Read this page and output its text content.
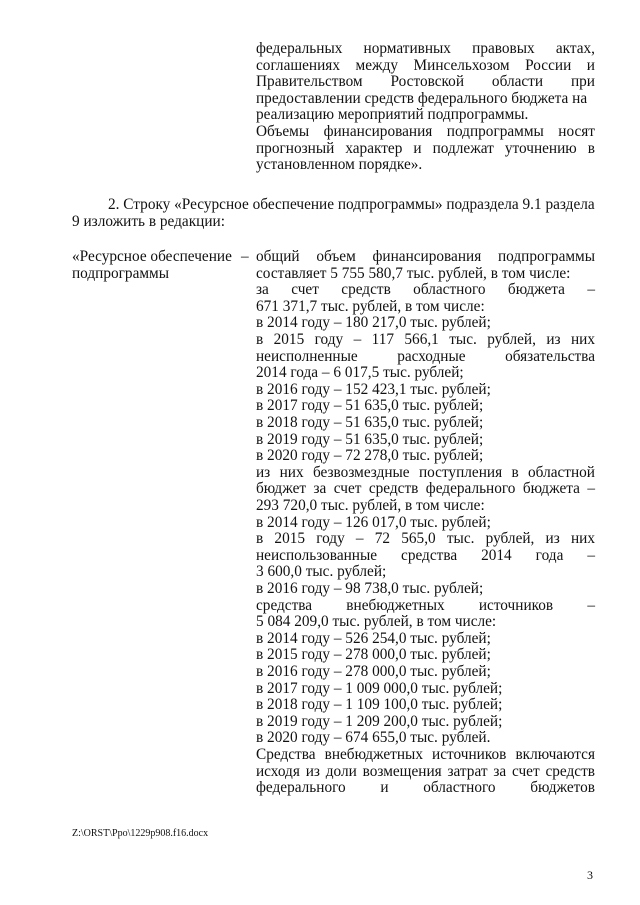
федеральных нормативных правовых актах,
соглашениях между Минсельхозом России и
Правительством Ростовской области при
предоставлении средств федерального бюджета на
реализацию мероприятий подпрограммы.
Объемы финансирования подпрограммы носят
прогнозный характер и подлежат уточнению в
установленном порядке».
2. Строку «Ресурсное обеспечение подпрограммы» подраздела 9.1 раздела
9 изложить в редакции:
«Ресурсное обеспечение
подпрограммы
– общий объем финансирования подпрограммы
составляет 5 755 580,7 тыс. рублей, в том числе:
за счет средств областного бюджета –
671 371,7 тыс. рублей, в том числе:
в 2014 году – 180 217,0 тыс. рублей;
в 2015 году – 117 566,1 тыс. рублей, из них
неисполненные расходные обязательства
2014 года – 6 017,5 тыс. рублей;
в 2016 году – 152 423,1 тыс. рублей;
в 2017 году – 51 635,0 тыс. рублей;
в 2018 году – 51 635,0 тыс. рублей;
в 2019 году – 51 635,0 тыс. рублей;
в 2020 году – 72 278,0 тыс. рублей;
из них безвозмездные поступления в областной
бюджет за счет средств федерального бюджета –
293 720,0 тыс. рублей, в том числе:
в 2014 году – 126 017,0 тыс. рублей;
в 2015 году – 72 565,0 тыс. рублей, из них
неиспользованные средства 2014 года –
3 600,0 тыс. рублей;
в 2016 году – 98 738,0 тыс. рублей;
средства внебюджетных источников –
5 084 209,0 тыс. рублей, в том числе:
в 2014 году – 526 254,0 тыс. рублей;
в 2015 году – 278 000,0 тыс. рублей;
в 2016 году – 278 000,0 тыс. рублей;
в 2017 году – 1 009 000,0 тыс. рублей;
в 2018 году – 1 109 100,0 тыс. рублей;
в 2019 году – 1 209 200,0 тыс. рублей;
в 2020 году – 674 655,0 тыс. рублей.
Средства внебюджетных источников включаются
исходя из доли возмещения затрат за счет средств
федерального и областного бюджетов
Z:\ORST\Ppo\1229p908.f16.docx
3
